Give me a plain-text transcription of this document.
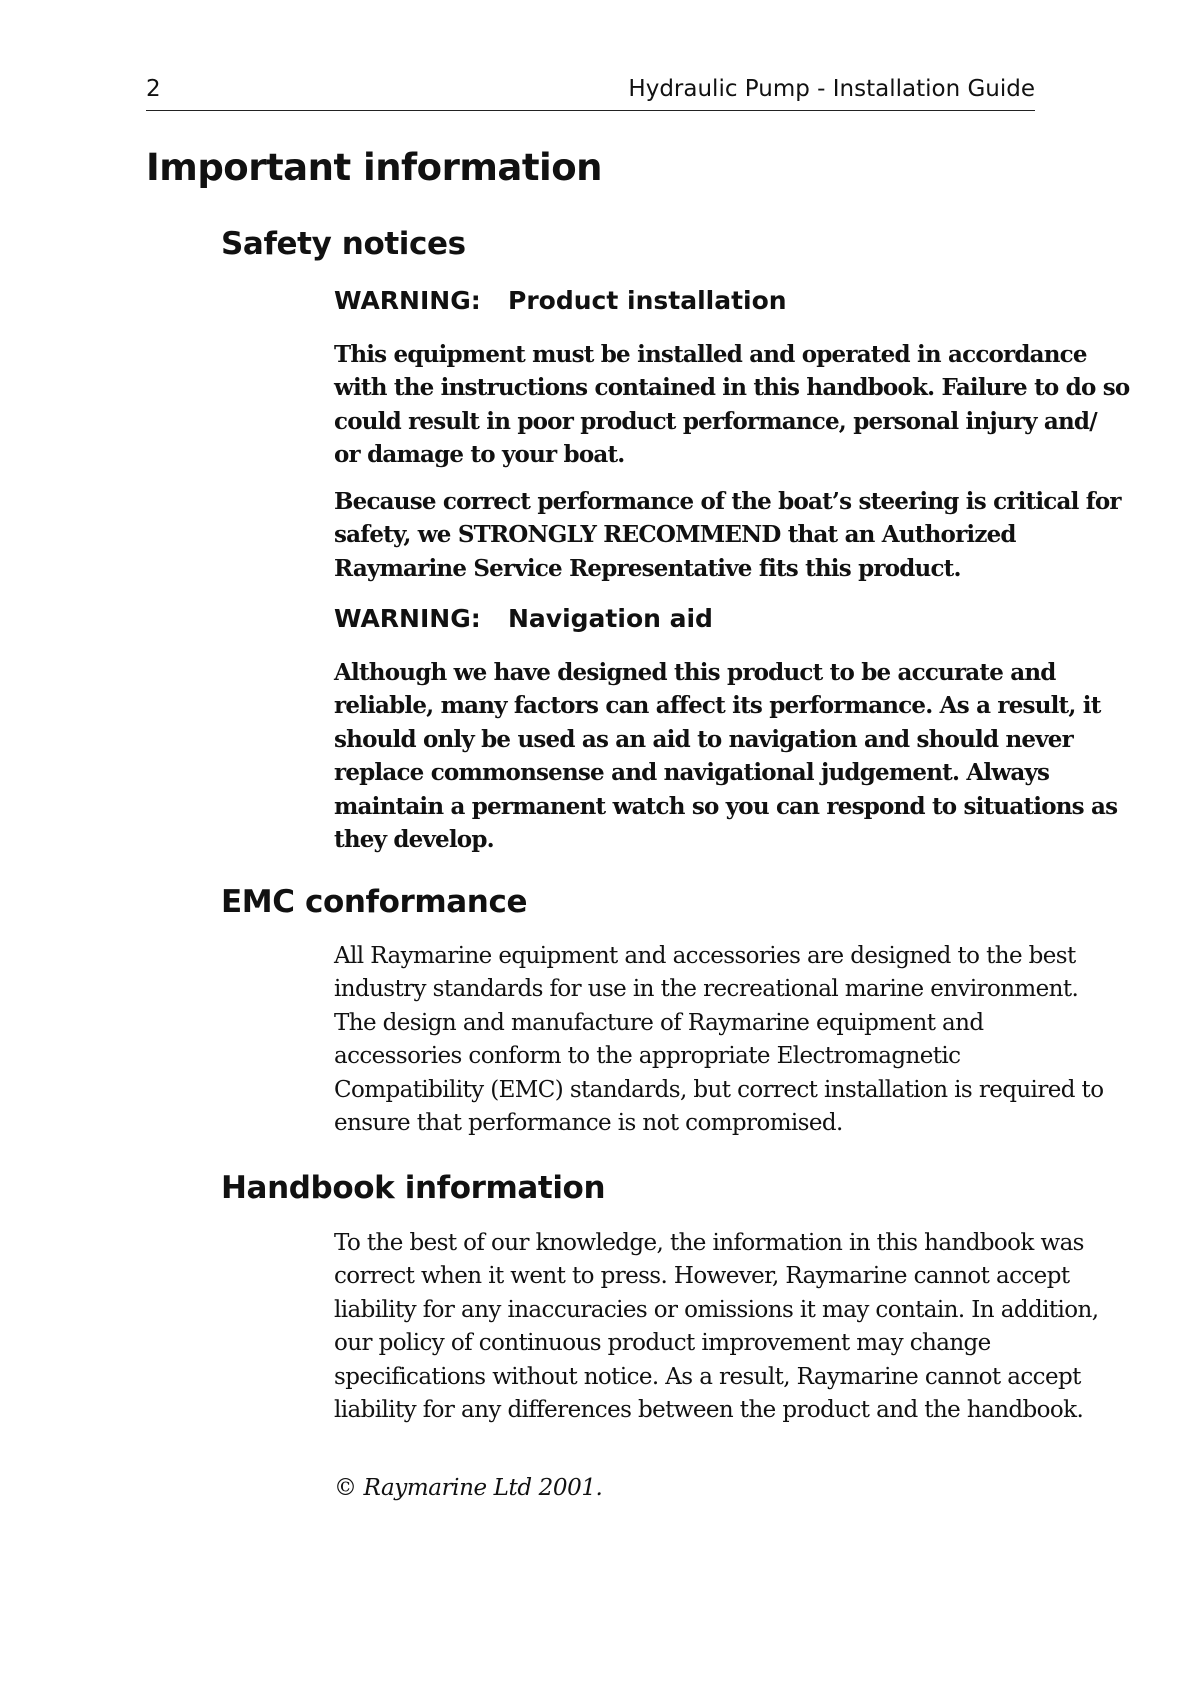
2	Hydraulic Pump - Installation Guide
Important information
Safety notices
WARNING: Product installation
This equipment must be installed and operated in accordance
with the instructions contained in this handbook. Failure to do so
could result in poor product performance, personal injury and/
or damage to your boat.
Because correct performance of the boat’s steering is critical for
safety, we STRONGLY RECOMMEND that an Authorized
Raymarine Service Representative fits this product.
WARNING: Navigation aid
Although we have designed this product to be accurate and
reliable, many factors can affect its performance. As a result, it
should only be used as an aid to navigation and should never
replace commonsense and navigational judgement. Always
maintain a permanent watch so you can respond to situations as
they develop.
EMC conformance
All Raymarine equipment and accessories are designed to the best
industry standards for use in the recreational marine environment.
The design and manufacture of Raymarine equipment and
accessories conform to the appropriate Electromagnetic
Compatibility (EMC) standards, but correct installation is required to
ensure that performance is not compromised.
Handbook information
To the best of our knowledge, the information in this handbook was
correct when it went to press. However, Raymarine cannot accept
liability for any inaccuracies or omissions it may contain. In addition,
our policy of continuous product improvement may change
specifications without notice. As a result, Raymarine cannot accept
liability for any differences between the product and the handbook.
© Raymarine Ltd 2001.
